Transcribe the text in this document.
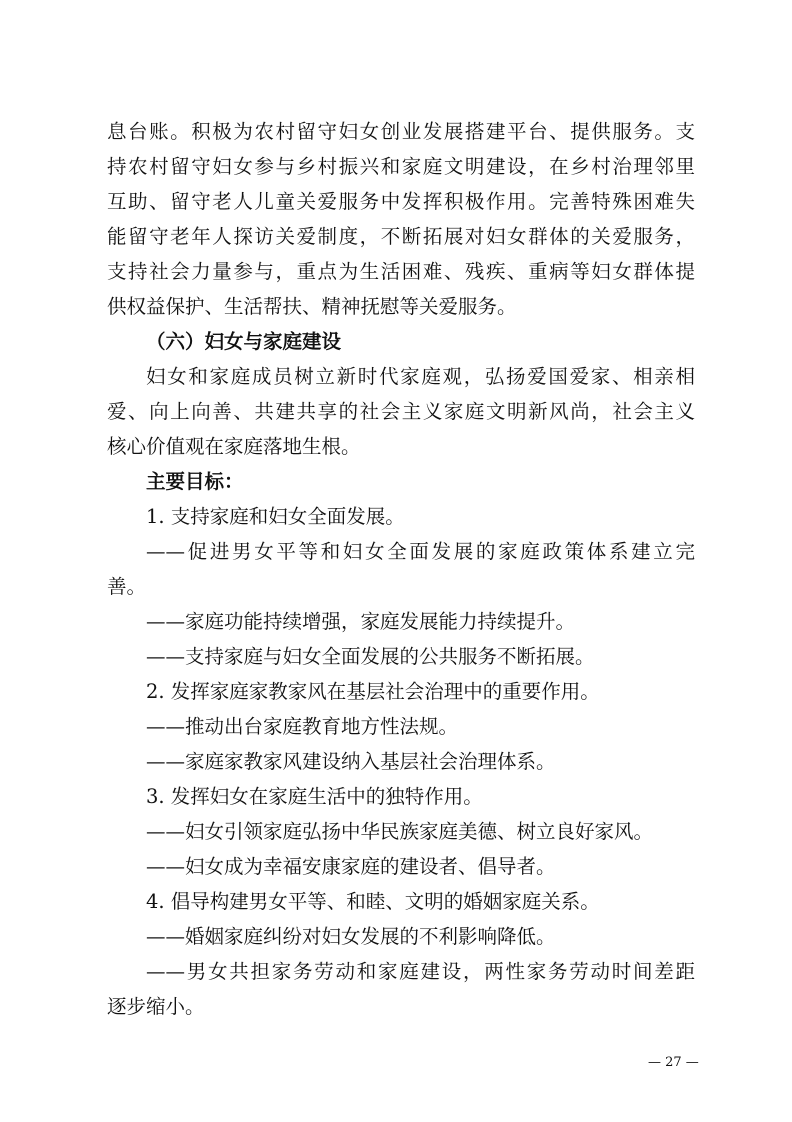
息台账。积极为农村留守妇女创业发展搭建平台、提供服务。支
持农村留守妇女参与乡村振兴和家庭文明建设，在乡村治理邻里
互助、留守老人儿童关爱服务中发挥积极作用。完善特殊困难失
能留守老年人探访关爱制度，不断拓展对妇女群体的关爱服务，
支持社会力量参与，重点为生活困难、残疾、重病等妇女群体提
供权益保护、生活帮扶、精神抚慰等关爱服务。
（六）妇女与家庭建设
妇女和家庭成员树立新时代家庭观，弘扬爱国爱家、相亲相
爱、向上向善、共建共享的社会主义家庭文明新风尚，社会主义
核心价值观在家庭落地生根。
主要目标：
1. 支持家庭和妇女全面发展。
——促进男女平等和妇女全面发展的家庭政策体系建立完
善。
——家庭功能持续增强，家庭发展能力持续提升。
——支持家庭与妇女全面发展的公共服务不断拓展。
2. 发挥家庭家教家风在基层社会治理中的重要作用。
——推动出台家庭教育地方性法规。
——家庭家教家风建设纳入基层社会治理体系。
3. 发挥妇女在家庭生活中的独特作用。
——妇女引领家庭弘扬中华民族家庭美德、树立良好家风。
——妇女成为幸福安康家庭的建设者、倡导者。
4. 倡导构建男女平等、和睦、文明的婚姻家庭关系。
——婚姻家庭纠纷对妇女发展的不利影响降低。
——男女共担家务劳动和家庭建设，两性家务劳动时间差距
逐步缩小。
— 27 —
